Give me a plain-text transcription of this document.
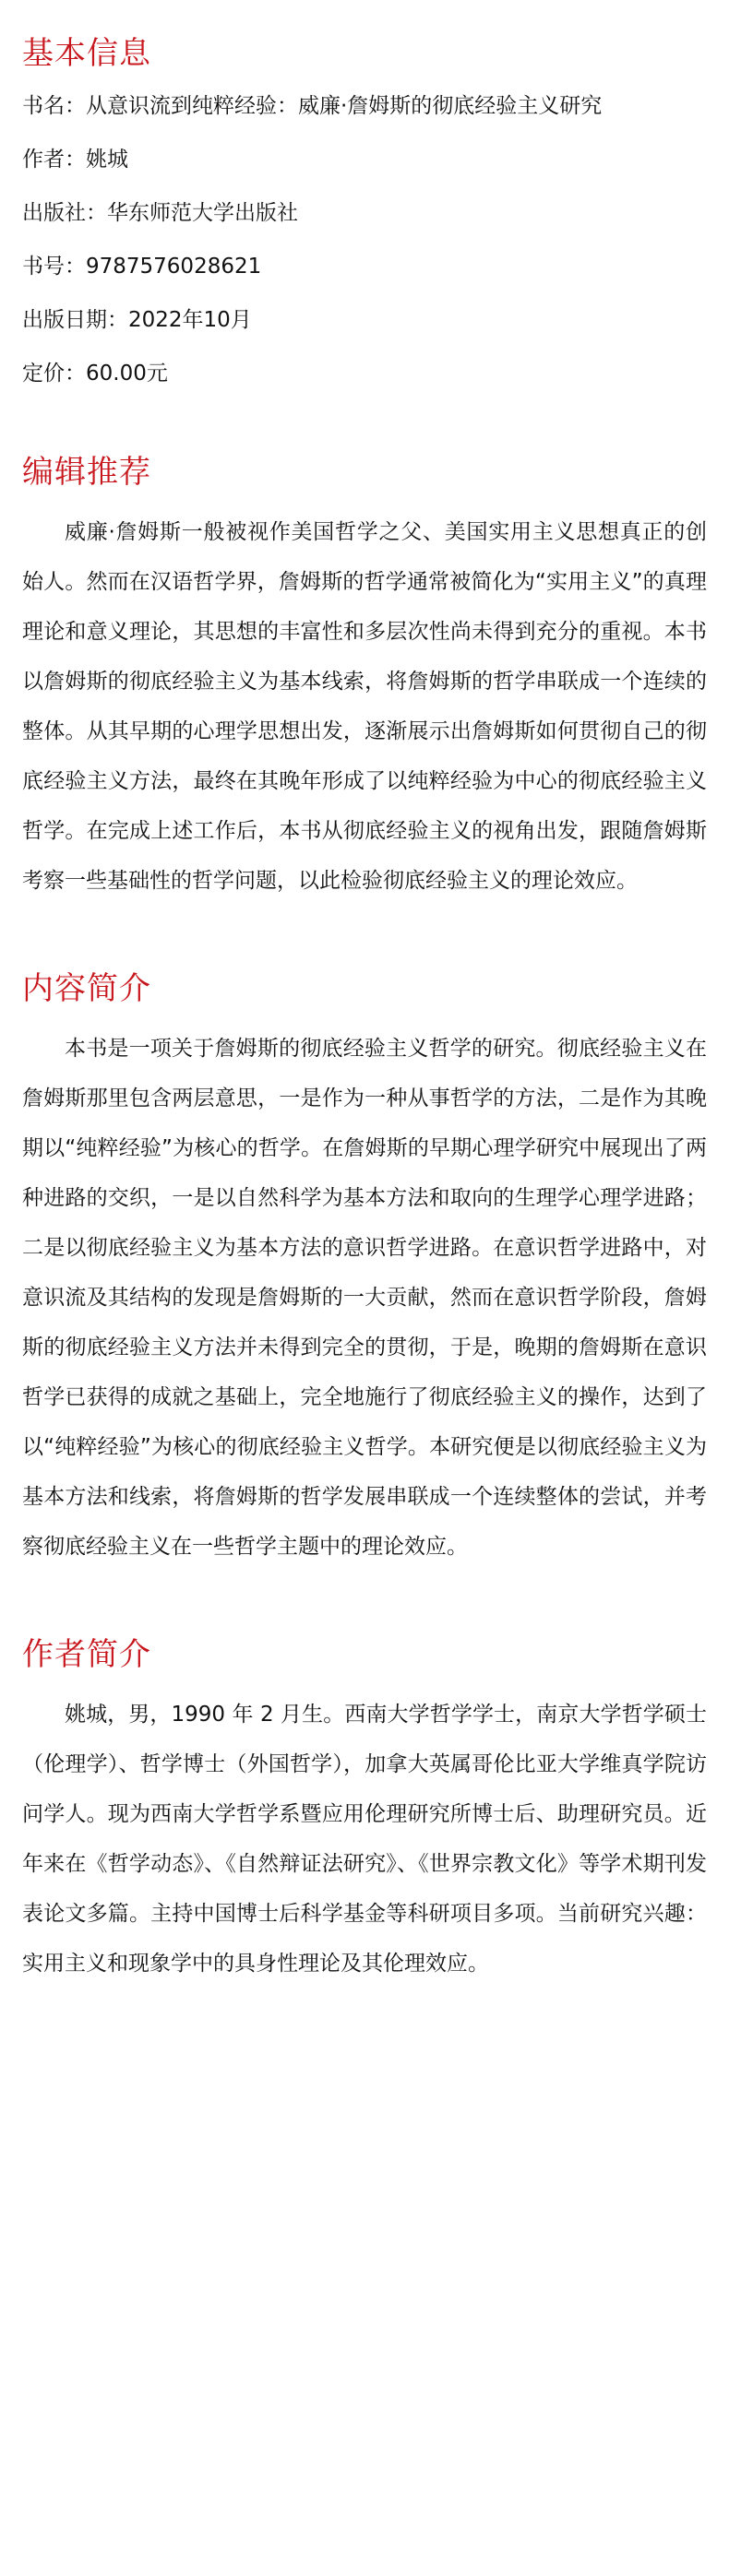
基本信息

书名：从意识流到纯粹经验：威廉·詹姆斯的彻底经验主义研究

作者：姚城

出版社：华东师范大学出版社

书号：9787576028621

出版日期：2022年10月

定价：60.00元

编辑推荐

威廉·詹姆斯一般被视作美国哲学之父、美国实用主义思想真正的创始人。然而在汉语哲学界，詹姆斯的哲学通常被简化为“实用主义”的真理理论和意义理论，其思想的丰富性和多层次性尚未得到充分的重视。本书以詹姆斯的彻底经验主义为基本线索，将詹姆斯的哲学串联成一个连续的整体。从其早期的心理学思想出发，逐渐展示出詹姆斯如何贯彻自己的彻底经验主义方法，最终在其晚年形成了以纯粹经验为中心的彻底经验主义哲学。在完成上述工作后，本书从彻底经验主义的视角出发，跟随詹姆斯考察一些基础性的哲学问题，以此检验彻底经验主义的理论效应。

内容简介

本书是一项关于詹姆斯的彻底经验主义哲学的研究。彻底经验主义在詹姆斯那里包含两层意思，一是作为一种从事哲学的方法，二是作为其晚期以“纯粹经验”为核心的哲学。在詹姆斯的早期心理学研究中展现出了两种进路的交织，一是以自然科学为基本方法和取向的生理学心理学进路；二是以彻底经验主义为基本方法的意识哲学进路。在意识哲学进路中，对意识流及其结构的发现是詹姆斯的一大贡献，然而在意识哲学阶段，詹姆斯的彻底经验主义方法并未得到完全的贯彻，于是，晚期的詹姆斯在意识哲学已获得的成就之基础上，完全地施行了彻底经验主义的操作，达到了以“纯粹经验”为核心的彻底经验主义哲学。本研究便是以彻底经验主义为基本方法和线索，将詹姆斯的哲学发展串联成一个连续整体的尝试，并考察彻底经验主义在一些哲学主题中的理论效应。

作者简介

姚城，男，1990 年 2 月生。西南大学哲学学士，南京大学哲学硕士（伦理学）、哲学博士（外国哲学），加拿大英属哥伦比亚大学维真学院访问学人。现为西南大学哲学系暨应用伦理研究所博士后、助理研究员。近年来在《哲学动态》、《自然辩证法研究》、《世界宗教文化》等学术期刊发表论文多篇。主持中国博士后科学基金等科研项目多项。当前研究兴趣：实用主义和现象学中的具身性理论及其伦理效应。
